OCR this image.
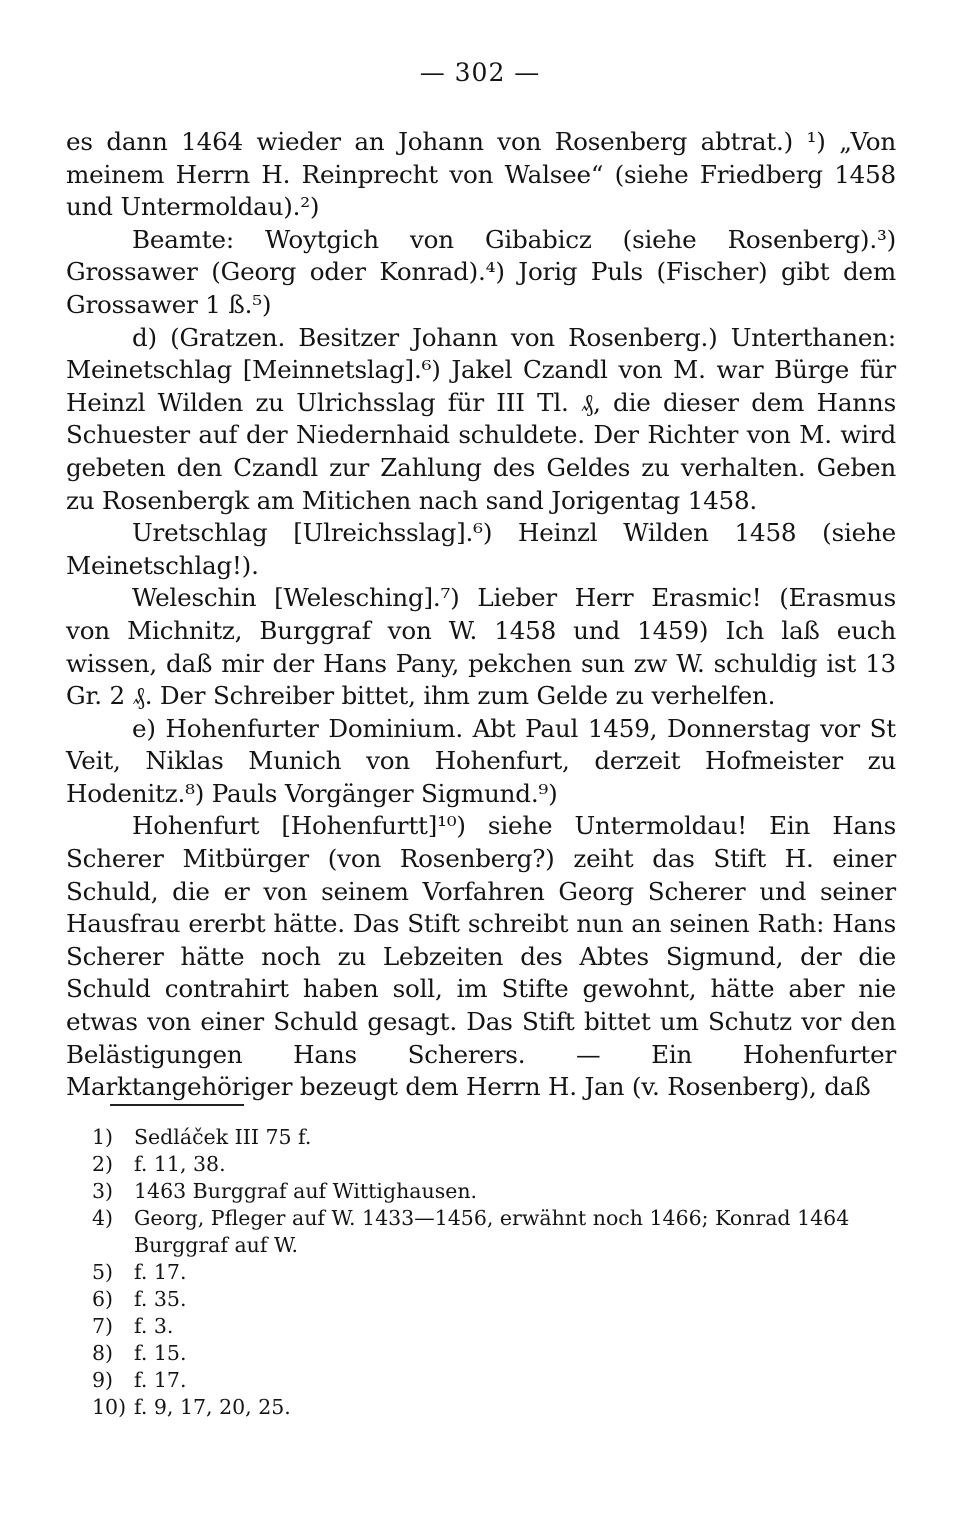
— 302 —

es dann 1464 wieder an Johann von Rosenberg abtrat.) ¹) „Von meinem Herrn H. Reinprecht von Walsee“ (siehe Friedberg 1458 und Untermoldau).²)

Beamte: Woytgich von Gibabicz (siehe Rosenberg).³) Grossawer (Georg oder Konrad).⁴) Jorig Puls (Fischer) gibt dem Grossawer 1 ß.⁵)

d) (Gratzen. Besitzer Johann von Rosenberg.) Unterthanen: Meinetschlag [Meinnetslag].⁶) Jakel Czandl von M. war Bürge für Heinzl Wilden zu Ulrichsslag für III Tl. ₰, die dieser dem Hanns Schuester auf der Niedernhaid schuldete. Der Richter von M. wird gebeten den Czandl zur Zahlung des Geldes zu verhalten. Geben zu Rosenbergk am Mitichen nach sand Jorigentag 1458.

Uretschlag [Ulreichsslag].⁶) Heinzl Wilden 1458 (siehe Meinetschlag!).

Weleschin [Welesching].⁷) Lieber Herr Erasmic! (Erasmus von Michnitz, Burggraf von W. 1458 und 1459) Ich laß euch wissen, daß mir der Hans Pany, pekchen sun zw W. schuldig ist 13 Gr. 2 ₰. Der Schreiber bittet, ihm zum Gelde zu verhelfen.

e) Hohenfurter Dominium. Abt Paul 1459, Donnerstag vor St Veit, Niklas Munich von Hohenfurt, derzeit Hofmeister zu Hodenitz.⁸) Pauls Vorgänger Sigmund.⁹)

Hohenfurt [Hohenfurtt]¹⁰) siehe Untermoldau! Ein Hans Scherer Mitbürger (von Rosenberg?) zeiht das Stift H. einer Schuld, die er von seinem Vorfahren Georg Scherer und seiner Hausfrau ererbt hätte. Das Stift schreibt nun an seinen Rath: Hans Scherer hätte noch zu Lebzeiten des Abtes Sigmund, der die Schuld contrahirt haben soll, im Stifte gewohnt, hätte aber nie etwas von einer Schuld gesagt. Das Stift bittet um Schutz vor den Belästigungen Hans Scherers. — Ein Hohenfurter Marktangehöriger bezeugt dem Herrn H. Jan (v. Rosenberg), daß

1)	Sedláček III 75 f.
2)	f. 11, 38.
3)	1463 Burggraf auf Wittighausen.
4)	Georg, Pfleger auf W. 1433—1456, erwähnt noch 1466; Konrad 1464 Burggraf auf W.
5)	f. 17.
6)	f. 35.
7)	f. 3.
8)	f. 15.
9)	f. 17.
10) f. 9, 17, 20, 25.
